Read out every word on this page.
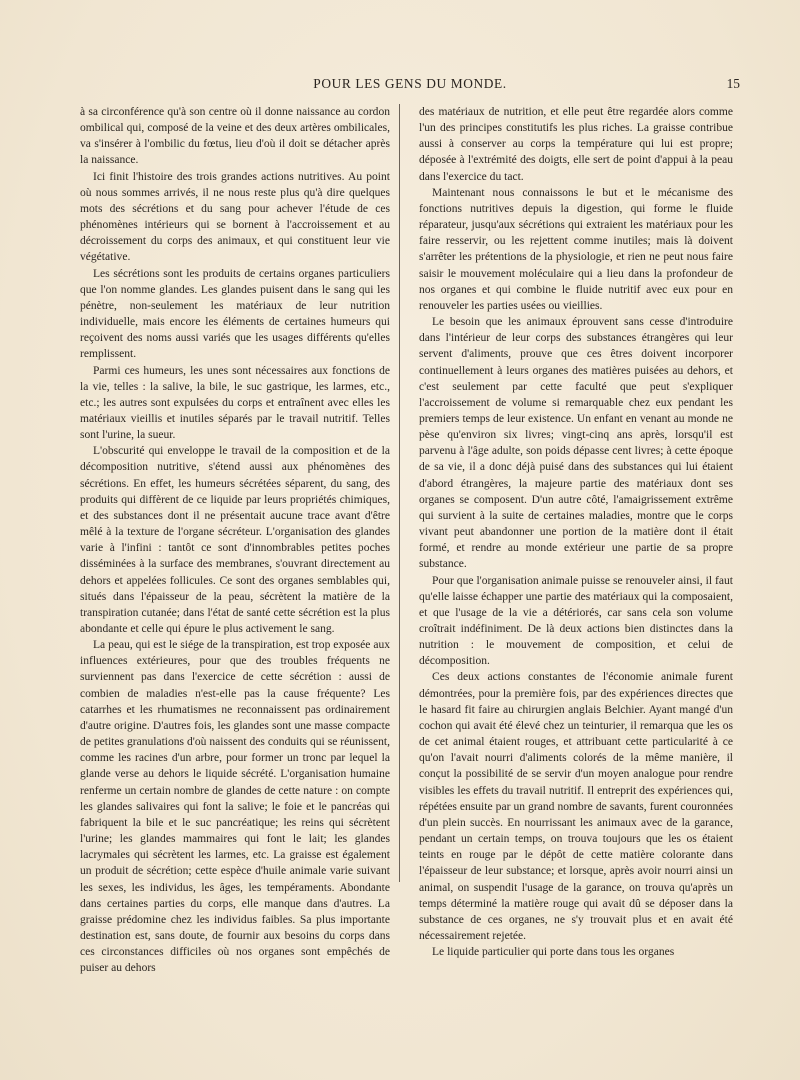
POUR LES GENS DU MONDE.	15

à sa circonférence qu'à son centre où il donne naissance au cordon ombilical qui, composé de la veine et des deux artères ombilicales, va s'insérer à l'ombilic du fœtus, lieu d'où il doit se détacher après la naissance.

Ici finit l'histoire des trois grandes actions nutritives. Au point où nous sommes arrivés, il ne nous reste plus qu'à dire quelques mots des sécrétions et du sang pour achever l'étude de ces phénomènes intérieurs qui se bornent à l'accroissement et au décroissement du corps des animaux, et qui constituent leur vie végétative.

Les sécrétions sont les produits de certains organes particuliers que l'on nomme glandes. Les glandes puisent dans le sang qui les pénètre, non-seulement les matériaux de leur nutrition individuelle, mais encore les éléments de certaines humeurs qui reçoivent des noms aussi variés que les usages différents qu'elles remplissent.

Parmi ces humeurs, les unes sont nécessaires aux fonctions de la vie, telles : la salive, la bile, le suc gastrique, les larmes, etc., etc.; les autres sont expulsées du corps et entraînent avec elles les matériaux vieillis et inutiles séparés par le travail nutritif. Telles sont l'urine, la sueur.

L'obscurité qui enveloppe le travail de la composition et de la décomposition nutritive, s'étend aussi aux phénomènes des sécrétions. En effet, les humeurs sécrétées séparent, du sang, des produits qui diffèrent de ce liquide par leurs propriétés chimiques, et des substances dont il ne présentait aucune trace avant d'être mêlé à la texture de l'organe sécréteur. L'organisation des glandes varie à l'infini : tantôt ce sont d'innombrables petites poches disséminées à la surface des membranes, s'ouvrant directement au dehors et appelées follicules. Ce sont des organes semblables qui, situés dans l'épaisseur de la peau, sécrètent la matière de la transpiration cutanée; dans l'état de santé cette sécrétion est la plus abondante et celle qui épure le plus activement le sang.

La peau, qui est le siége de la transpiration, est trop exposée aux influences extérieures, pour que des troubles fréquents ne surviennent pas dans l'exercice de cette sécrétion : aussi de combien de maladies n'est-elle pas la cause fréquente? Les catarrhes et les rhumatismes ne reconnaissent pas ordinairement d'autre origine. D'autres fois, les glandes sont une masse compacte de petites granulations d'où naissent des conduits qui se réunissent, comme les racines d'un arbre, pour former un tronc par lequel la glande verse au dehors le liquide sécrété. L'organisation humaine renferme un certain nombre de glandes de cette nature : on compte les glandes salivaires qui font la salive; le foie et le pancréas qui fabriquent la bile et le suc pancréatique; les reins qui sécrètent l'urine; les glandes mammaires qui font le lait; les glandes lacrymales qui sécrètent les larmes, etc. La graisse est également un produit de sécrétion; cette espèce d'huile animale varie suivant les sexes, les individus, les âges, les tempéraments. Abondante dans certaines parties du corps, elle manque dans d'autres. La graisse prédomine chez les individus faibles. Sa plus importante destination est, sans doute, de fournir aux besoins du corps dans ces circonstances difficiles où nos organes sont empêchés de puiser au dehors

des matériaux de nutrition, et elle peut être regardée alors comme l'un des principes constitutifs les plus riches. La graisse contribue aussi à conserver au corps la température qui lui est propre; déposée à l'extrémité des doigts, elle sert de point d'appui à la peau dans l'exercice du tact.

Maintenant nous connaissons le but et le mécanisme des fonctions nutritives depuis la digestion, qui forme le fluide réparateur, jusqu'aux sécrétions qui extraient les matériaux pour les faire resservir, ou les rejettent comme inutiles; mais là doivent s'arrêter les prétentions de la physiologie, et rien ne peut nous faire saisir le mouvement moléculaire qui a lieu dans la profondeur de nos organes et qui combine le fluide nutritif avec eux pour en renouveler les parties usées ou vieillies.

Le besoin que les animaux éprouvent sans cesse d'introduire dans l'intérieur de leur corps des substances étrangères qui leur servent d'aliments, prouve que ces êtres doivent incorporer continuellement à leurs organes des matières puisées au dehors, et c'est seulement par cette faculté que peut s'expliquer l'accroissement de volume si remarquable chez eux pendant les premiers temps de leur existence. Un enfant en venant au monde ne pèse qu'environ six livres; vingt-cinq ans après, lorsqu'il est parvenu à l'âge adulte, son poids dépasse cent livres; à cette époque de sa vie, il a donc déjà puisé dans des substances qui lui étaient d'abord étrangères, la majeure partie des matériaux dont ses organes se composent. D'un autre côté, l'amaigrissement extrême qui survient à la suite de certaines maladies, montre que le corps vivant peut abandonner une portion de la matière dont il était formé, et rendre au monde extérieur une partie de sa propre substance.

Pour que l'organisation animale puisse se renouveler ainsi, il faut qu'elle laisse échapper une partie des matériaux qui la composaient, et que l'usage de la vie a détériorés, car sans cela son volume croîtrait indéfiniment. De là deux actions bien distinctes dans la nutrition : le mouvement de composition, et celui de décomposition.

Ces deux actions constantes de l'économie animale furent démontrées, pour la première fois, par des expériences directes que le hasard fit faire au chirurgien anglais Belchier. Ayant mangé d'un cochon qui avait été élevé chez un teinturier, il remarqua que les os de cet animal étaient rouges, et attribuant cette particularité à ce qu'on l'avait nourri d'aliments colorés de la même manière, il conçut la possibilité de se servir d'un moyen analogue pour rendre visibles les effets du travail nutritif. Il entreprit des expériences qui, répétées ensuite par un grand nombre de savants, furent couronnées d'un plein succès. En nourrissant les animaux avec de la garance, pendant un certain temps, on trouva toujours que les os étaient teints en rouge par le dépôt de cette matière colorante dans l'épaisseur de leur substance; et lorsque, après avoir nourri ainsi un animal, on suspendit l'usage de la garance, on trouva qu'après un temps déterminé la matière rouge qui avait dû se déposer dans la substance de ces organes, ne s'y trouvait plus et en avait été nécessairement rejetée.

Le liquide particulier qui porte dans tous les organes
